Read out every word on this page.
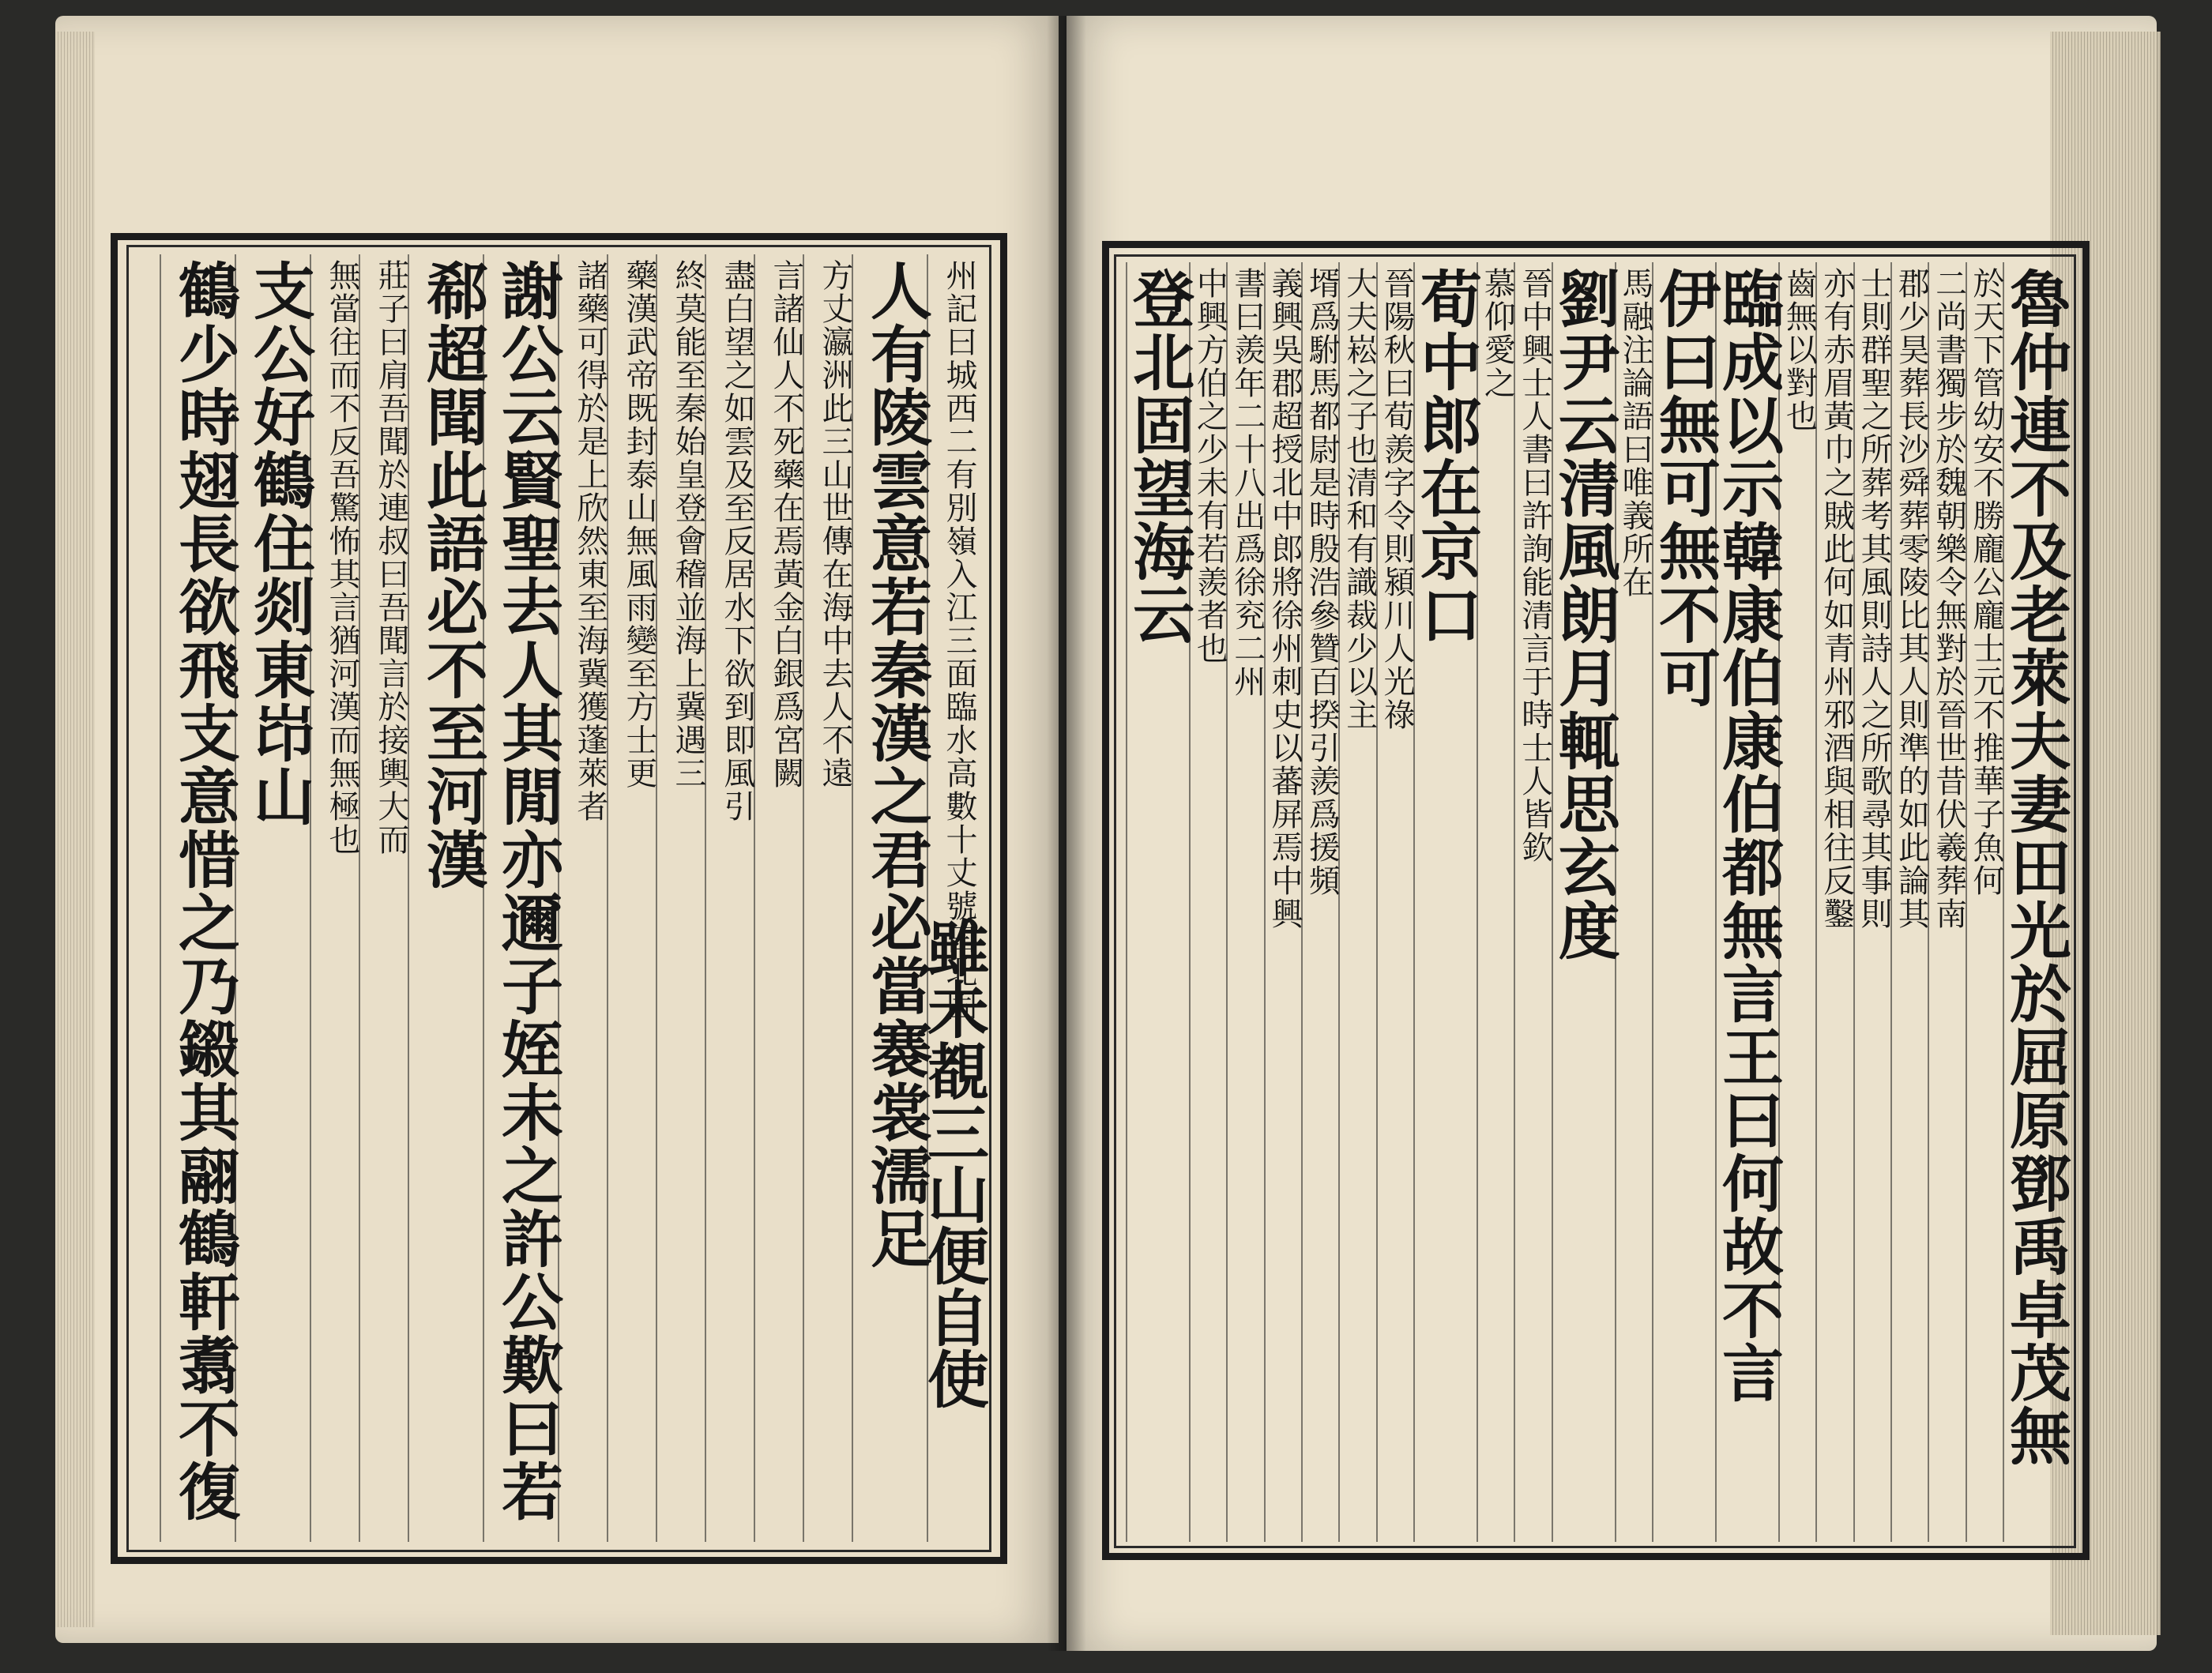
州記曰城西二有別嶺入江三面臨水高數十丈號曰北固
人有陵雲意若秦漢之君必當褰裳濡足
方丈瀛洲此三山世傳在海中去人不遠
言諸仙人不死藥在焉黃金白銀爲宮闕
盡白望之如雲及至反居水下欲到即風引
終莫能至秦始皇登會稽並海上冀遇三
藥漢武帝既封泰山無風雨變至方士更
諸藥可得於是上欣然東至海冀獲蓬萊者
謝公云賢聖去人其閒亦邇子姪未之許公歎曰若
郗超聞此語必不至河漢
莊子曰肩吾聞於連叔曰吾聞言於接輿大而
無當往而不反吾驚怖其言猶河漢而無極也
支公好鶴住剡東岇山
鶴少時翅長欲飛支意惜之乃鎩其翮鶴軒翥不復	魯仲連不及老萊夫妻田光於屈原鄧禹卓茂無
於天下管幼安不勝龐公龐士元不推華子魚何
二尚書獨步於魏朝樂令無對於晉世昔伏羲葬南
郡少昊葬長沙舜葬零陵比其人則準的如此論其
士則群聖之所葬考其風則詩人之所歌尋其事則
亦有赤眉黃巾之賊此何如青州邪酒與相往反鑿
齒無以對也
臨成以示韓康伯康伯都無言王曰何故不言
伊曰無可無不可
馬融注論語曰唯義所在
劉尹云清風朗月輒思玄度
晉中興士人書曰許詢能清言于時士人皆欽
慕仰愛之
荀中郎在京口
晉陽秋曰荀羨字令則潁川人光祿
大夫崧之子也清和有識裁少以主
壻爲駙馬都尉是時殷浩參贊百揆引羨爲援頻
義興吳郡超授北中郎將徐州刺史以蕃屏焉中興
書曰羨年二十八出爲徐兖二州
中興方伯之少未有若羨者也
登北固望海云
雖未覩三山便自使
